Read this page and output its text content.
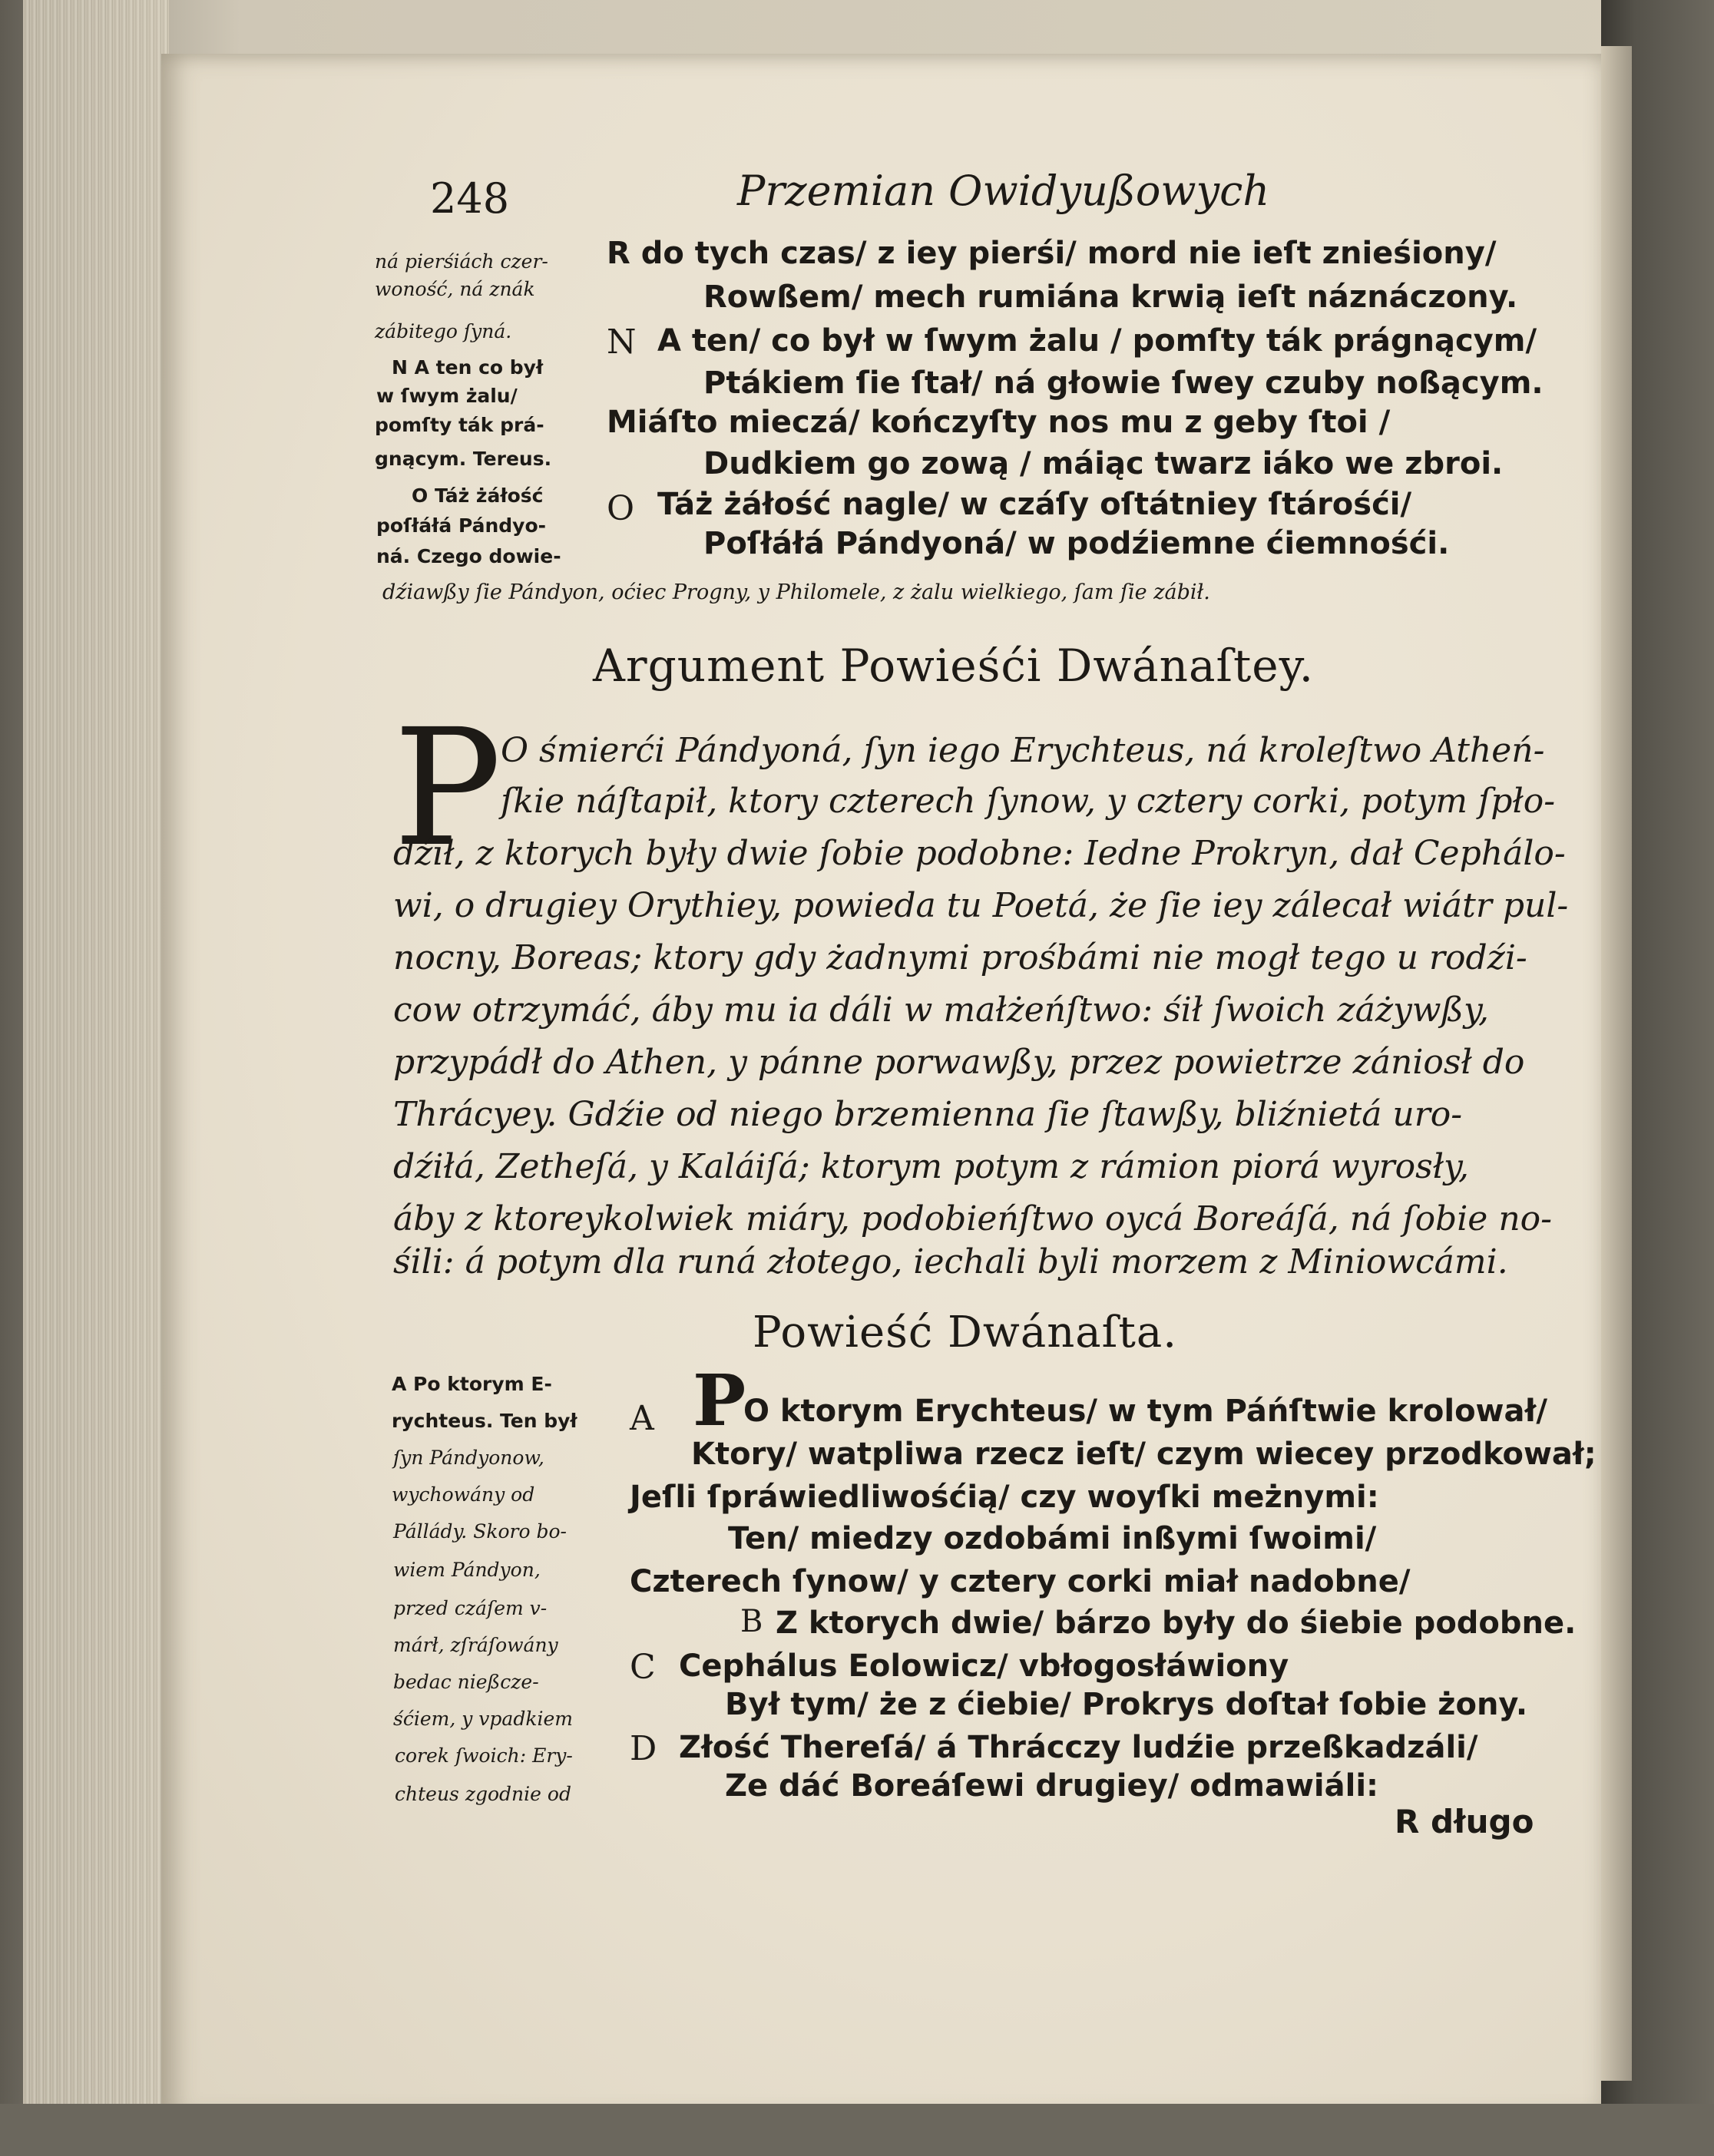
248	Przemian Owidyußowych
ná pierśiách czer-
woność, ná znák
zábitego ſyná.
N A ten co był
w ſwym żalu/
pomſty ták prá-
gnącym. Tereus.
O Táż żáłość
poſłáłá Pándyo-
ná. Czego dowie-
dźiawßy ſie Pándyon, oćiec Progny, y Philomele, z żalu wielkiego, ſam ſie zábił.
R do tych czas/ z iey pierśi/ mord nie ieſt znieśiony/
Rowßem/ mech rumiána krwią ieſt náznáczony.
N A ten/ co był w ſwym żalu / pomſty ták prágnącym/
Ptákiem ſie ſtał/ ná głowie ſwey czuby noßącym.
Miáſto mieczá/ kończyſty nos mu z geby ſtoi /
Dudkiem go zową / máiąc twarz iáko we zbroi.
O Táż żáłość nagle/ w czáſy oſtátniey ſtárośći/
Poſłáłá Pándyoná/ w podźiemne ćiemnośći.
Argument Powieśći Dwánaſtey.
P
O śmierći Pándyoná, ſyn iego Erychteus, ná kroleſtwo Atheń-
ſkie náſtapił, ktory czterech ſynow, y cztery corki, potym ſpło-
dźił, z ktorych były dwie ſobie podobne: Iedne Prokryn, dał Cephálo-
wi, o drugiey Orythiey, powieda tu Poetá, że ſie iey zálecał wiátr pul-
nocny, Boreas; ktory gdy żadnymi prośbámi nie mogł tego u rodźi-
cow otrzymáć, áby mu ia dáli w małżeńſtwo: śił ſwoich záżywßy,
przypádł do Athen, y pánne porwawßy, przez powietrze zániosł do
Thrácyey. Gdźie od niego brzemienna ſie ſtawßy, bliźnietá uro-
dźiłá, Zetheſá, y Kaláiſá; ktorym potym z rámion piorá wyrosły,
áby z ktoreykolwiek miáry, podobieńſtwo oycá Boreáſá, ná ſobie no-
śili: á potym dla runá złotego, iechali byli morzem z Miniowcámi.
Powieść Dwánaſta.
A Po ktorym E-
rychteus. Ten był
ſyn Pándyonow,
wychowány od
Pállády. Skoro bo-
wiem Pándyon,
przed czáſem v-
márł, zſráſowány
bedac nießcze-
śćiem, y vpadkiem
corek ſwoich: Ery-
chteus zgodnie od
A P
O ktorym Erychteus/ w tym Páńſtwie krolował/
Ktory/ watpliwa rzecz ieſt/ czym wiecey przodkował;
Jeſli ſpráwiedliwośćią/ czy woyſki meżnymi:
Ten/ miedzy ozdobámi inßymi ſwoimi/
Czterech ſynow/ y cztery corki miał nadobne/
B Z ktorych dwie/ bárzo były do śiebie podobne.
C Cephálus Eolowicz/ vbłogosłáwiony
Był tym/ że z ćiebie/ Prokrys doſtał ſobie żony.
D Złość Thereſá/ á Thrácczy ludźie przeßkadzáli/
Ze dáć Boreáſewi drugiey/ odmawiáli:
R długo
